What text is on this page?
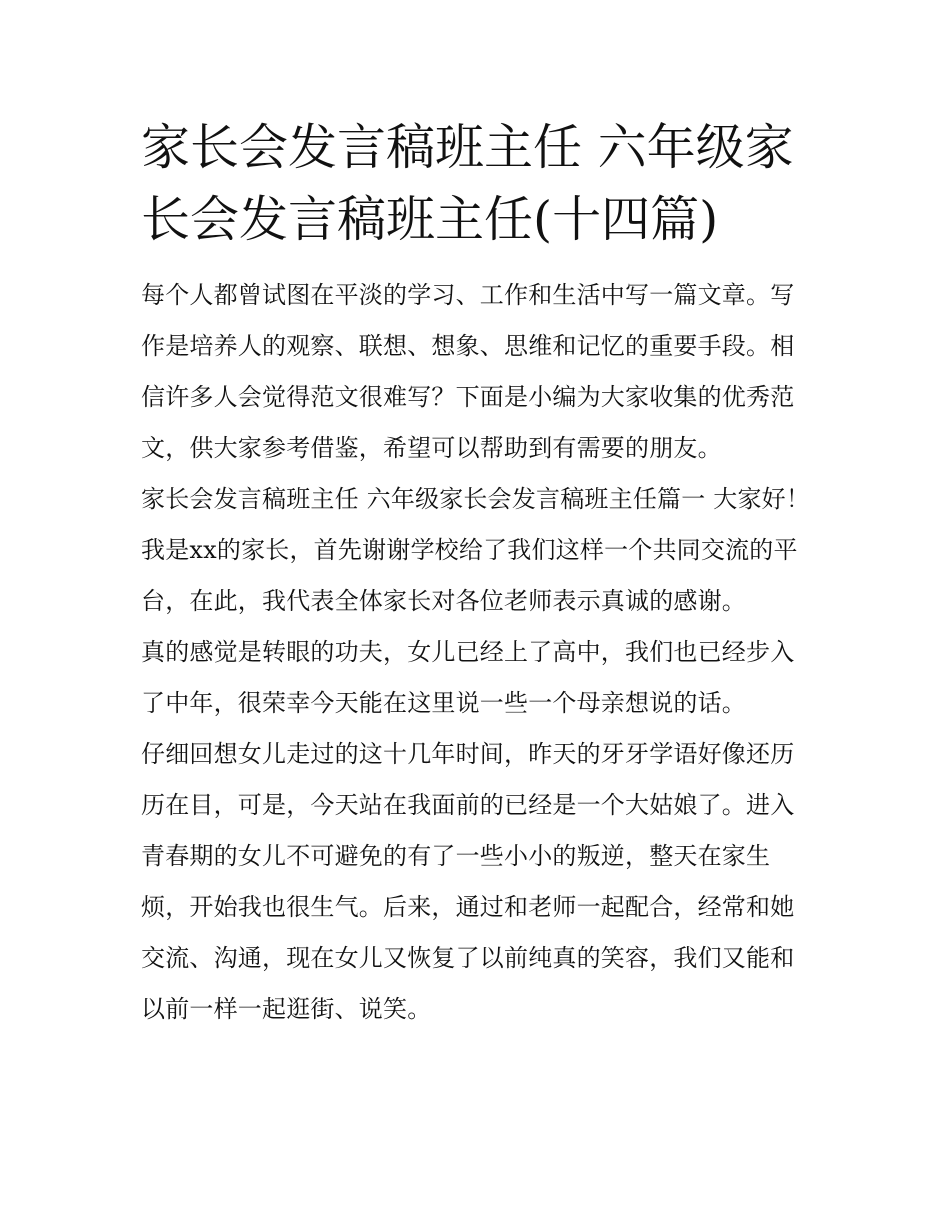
家长会发言稿班主任 六年级家长会发言稿班主任(十四篇)

每个人都曾试图在平淡的学习、工作和生活中写一篇文章。写作是培养人的观察、联想、想象、思维和记忆的重要手段。相信许多人会觉得范文很难写？下面是小编为大家收集的优秀范文，供大家参考借鉴，希望可以帮助到有需要的朋友。

家长会发言稿班主任 六年级家长会发言稿班主任篇一 大家好！

我是xx的家长，首先谢谢学校给了我们这样一个共同交流的平台，在此，我代表全体家长对各位老师表示真诚的感谢。

真的感觉是转眼的功夫，女儿已经上了高中，我们也已经步入了中年，很荣幸今天能在这里说一些一个母亲想说的话。

仔细回想女儿走过的这十几年时间，昨天的牙牙学语好像还历历在目，可是，今天站在我面前的已经是一个大姑娘了。进入青春期的女儿不可避免的有了一些小小的叛逆，整天在家生烦，开始我也很生气。后来，通过和老师一起配合，经常和她交流、沟通，现在女儿又恢复了以前纯真的笑容，我们又能和以前一样一起逛街、说笑。
